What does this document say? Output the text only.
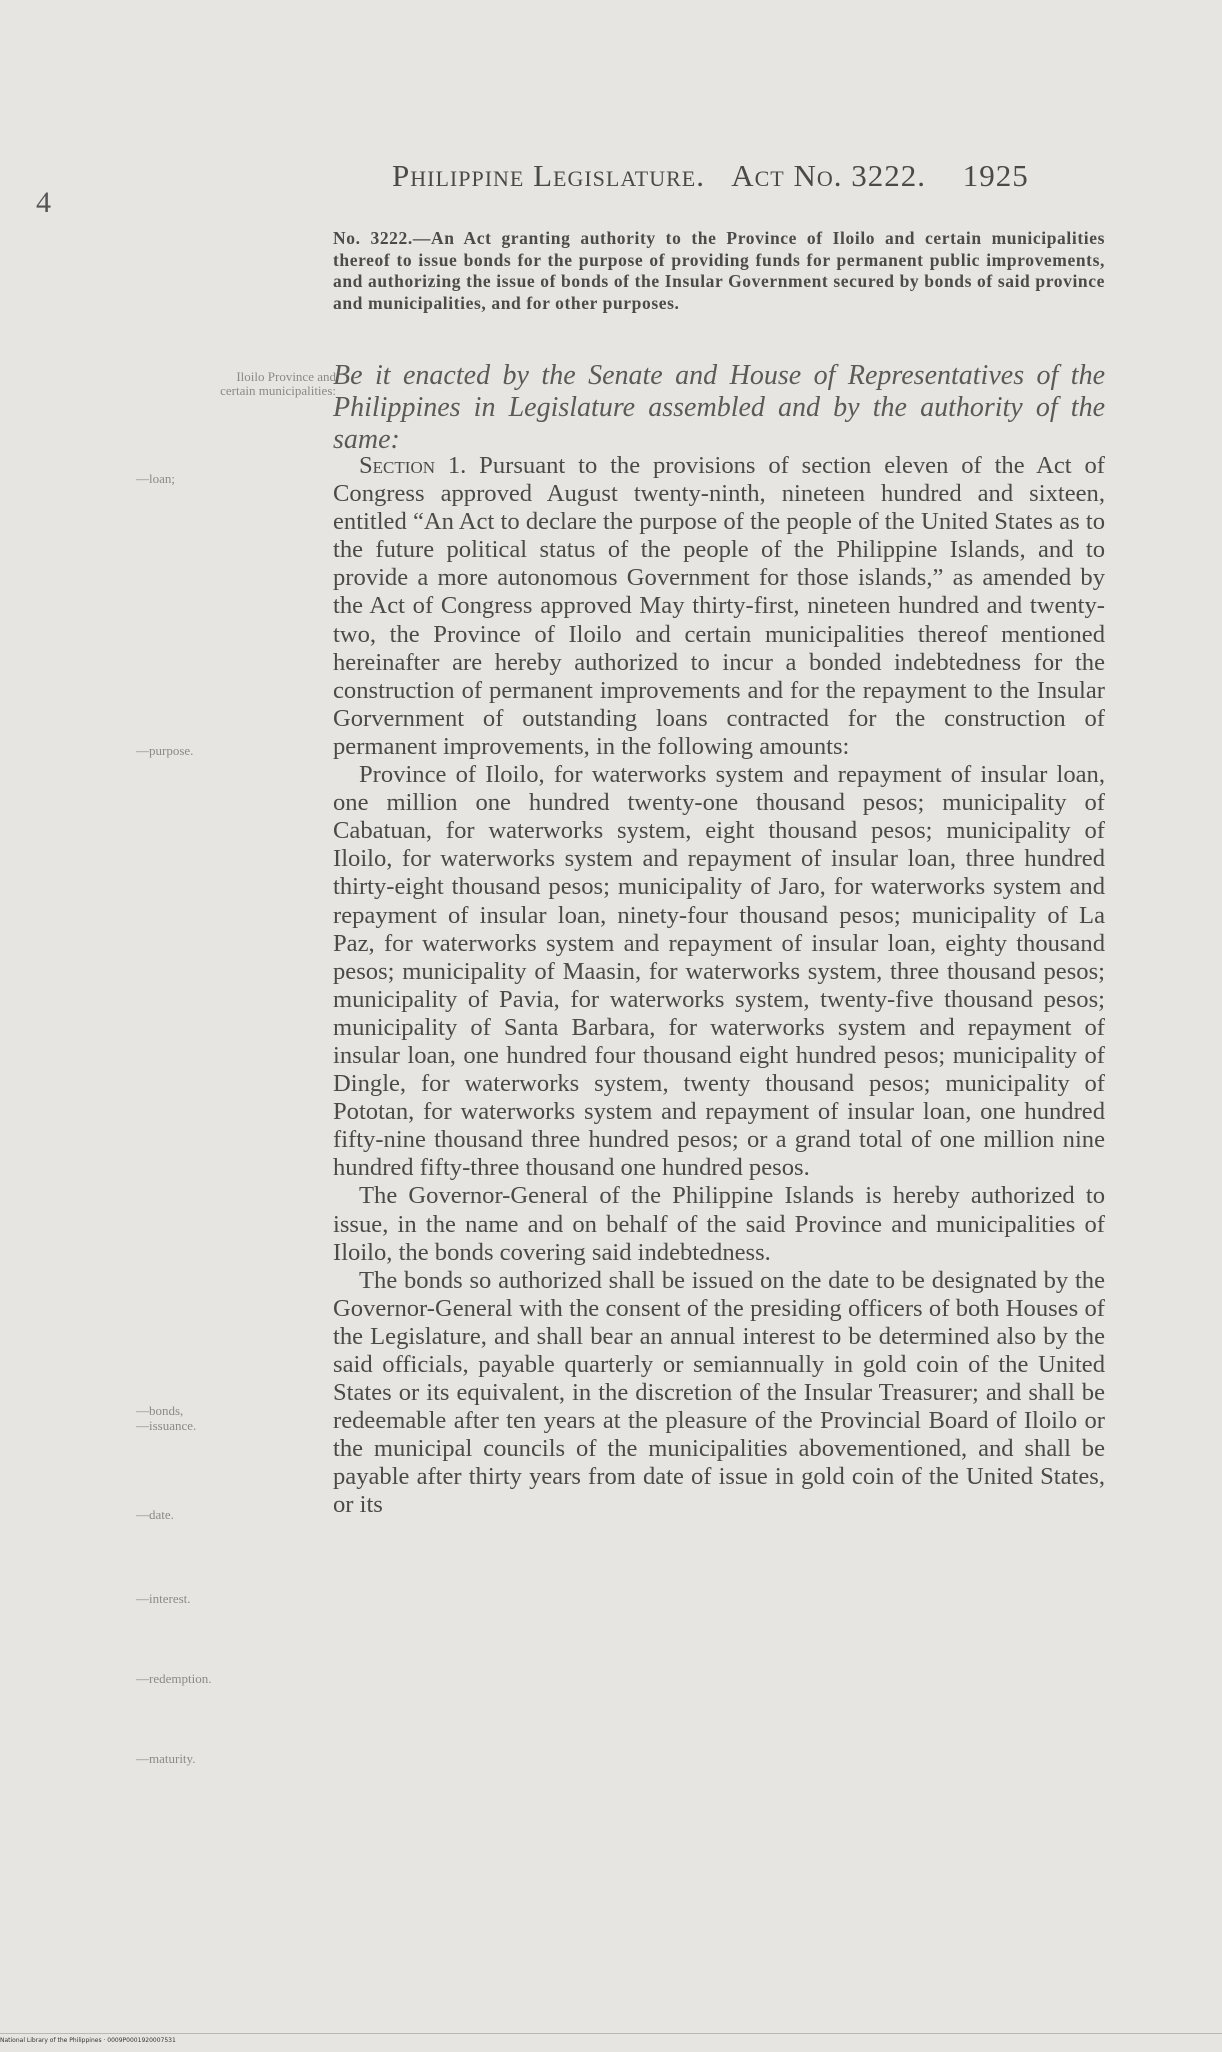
4
Philippine Legislature. Act No. 3222. 1925
No. 3222.—An Act granting authority to the Province of Iloilo and certain municipalities thereof to issue bonds for the purpose of providing funds for permanent public improvements, and authorizing the issue of bonds of the Insular Government secured by bonds of said province and municipalities, and for other purposes.
Be it enacted by the Senate and House of Representatives of the Philippines in Legislature assembled and by the authority of the same:
Iloilo Province and
certain municipalities:
—loan;
—purpose.
—bonds,
—issuance.
—date.
—interest.
—redemption.
—maturity.

Section 1. Pursuant to the provisions of section eleven of the Act of Congress approved August twenty-ninth, nineteen hundred and sixteen, entitled “An Act to declare the purpose of the people of the United States as to the future political status of the people of the Philippine Islands, and to provide a more autonomous Government for those islands,” as amended by the Act of Congress approved May thirty-first, nineteen hundred and twenty-two, the Province of Iloilo and certain municipalities thereof mentioned hereinafter are hereby authorized to incur a bonded indebtedness for the construction of permanent improvements and for the repayment to the Insular Gorvernment of outstanding loans contracted for the construction of permanent improvements, in the following amounts:

Province of Iloilo, for waterworks system and repayment of insular loan, one million one hundred twenty-one thousand pesos; municipality of Cabatuan, for waterworks system, eight thousand pesos; municipality of Iloilo, for waterworks system and repayment of insular loan, three hundred thirty-eight thousand pesos; municipality of Jaro, for waterworks system and repayment of insular loan, ninety-four thousand pesos; municipality of La Paz, for waterworks system and repayment of insular loan, eighty thousand pesos; municipality of Maasin, for waterworks system, three thousand pesos; municipality of Pavia, for waterworks system, twenty-five thousand pesos; municipality of Santa Barbara, for waterworks system and repayment of insular loan, one hundred four thousand eight hundred pesos; municipality of Dingle, for waterworks system, twenty thousand pesos; municipality of Pototan, for waterworks system and repayment of insular loan, one hundred fifty-nine thousand three hundred pesos; or a grand total of one million nine hundred fifty-three thousand one hundred pesos.

The Governor-General of the Philippine Islands is hereby authorized to issue, in the name and on behalf of the said Province and municipalities of Iloilo, the bonds covering said indebtedness.

The bonds so authorized shall be issued on the date to be designated by the Governor-General with the consent of the presiding officers of both Houses of the Legislature, and shall bear an annual interest to be determined also by the said officials, payable quarterly or semiannually in gold coin of the United States or its equivalent, in the discretion of the Insular Treasurer; and shall be redeemable after ten years at the pleasure of the Provincial Board of Iloilo or the municipal councils of the municipalities abovementioned, and shall be payable after thirty years from date of issue in gold coin of the United States, or its

National Library of the Philippines · 0009P0001920007531
